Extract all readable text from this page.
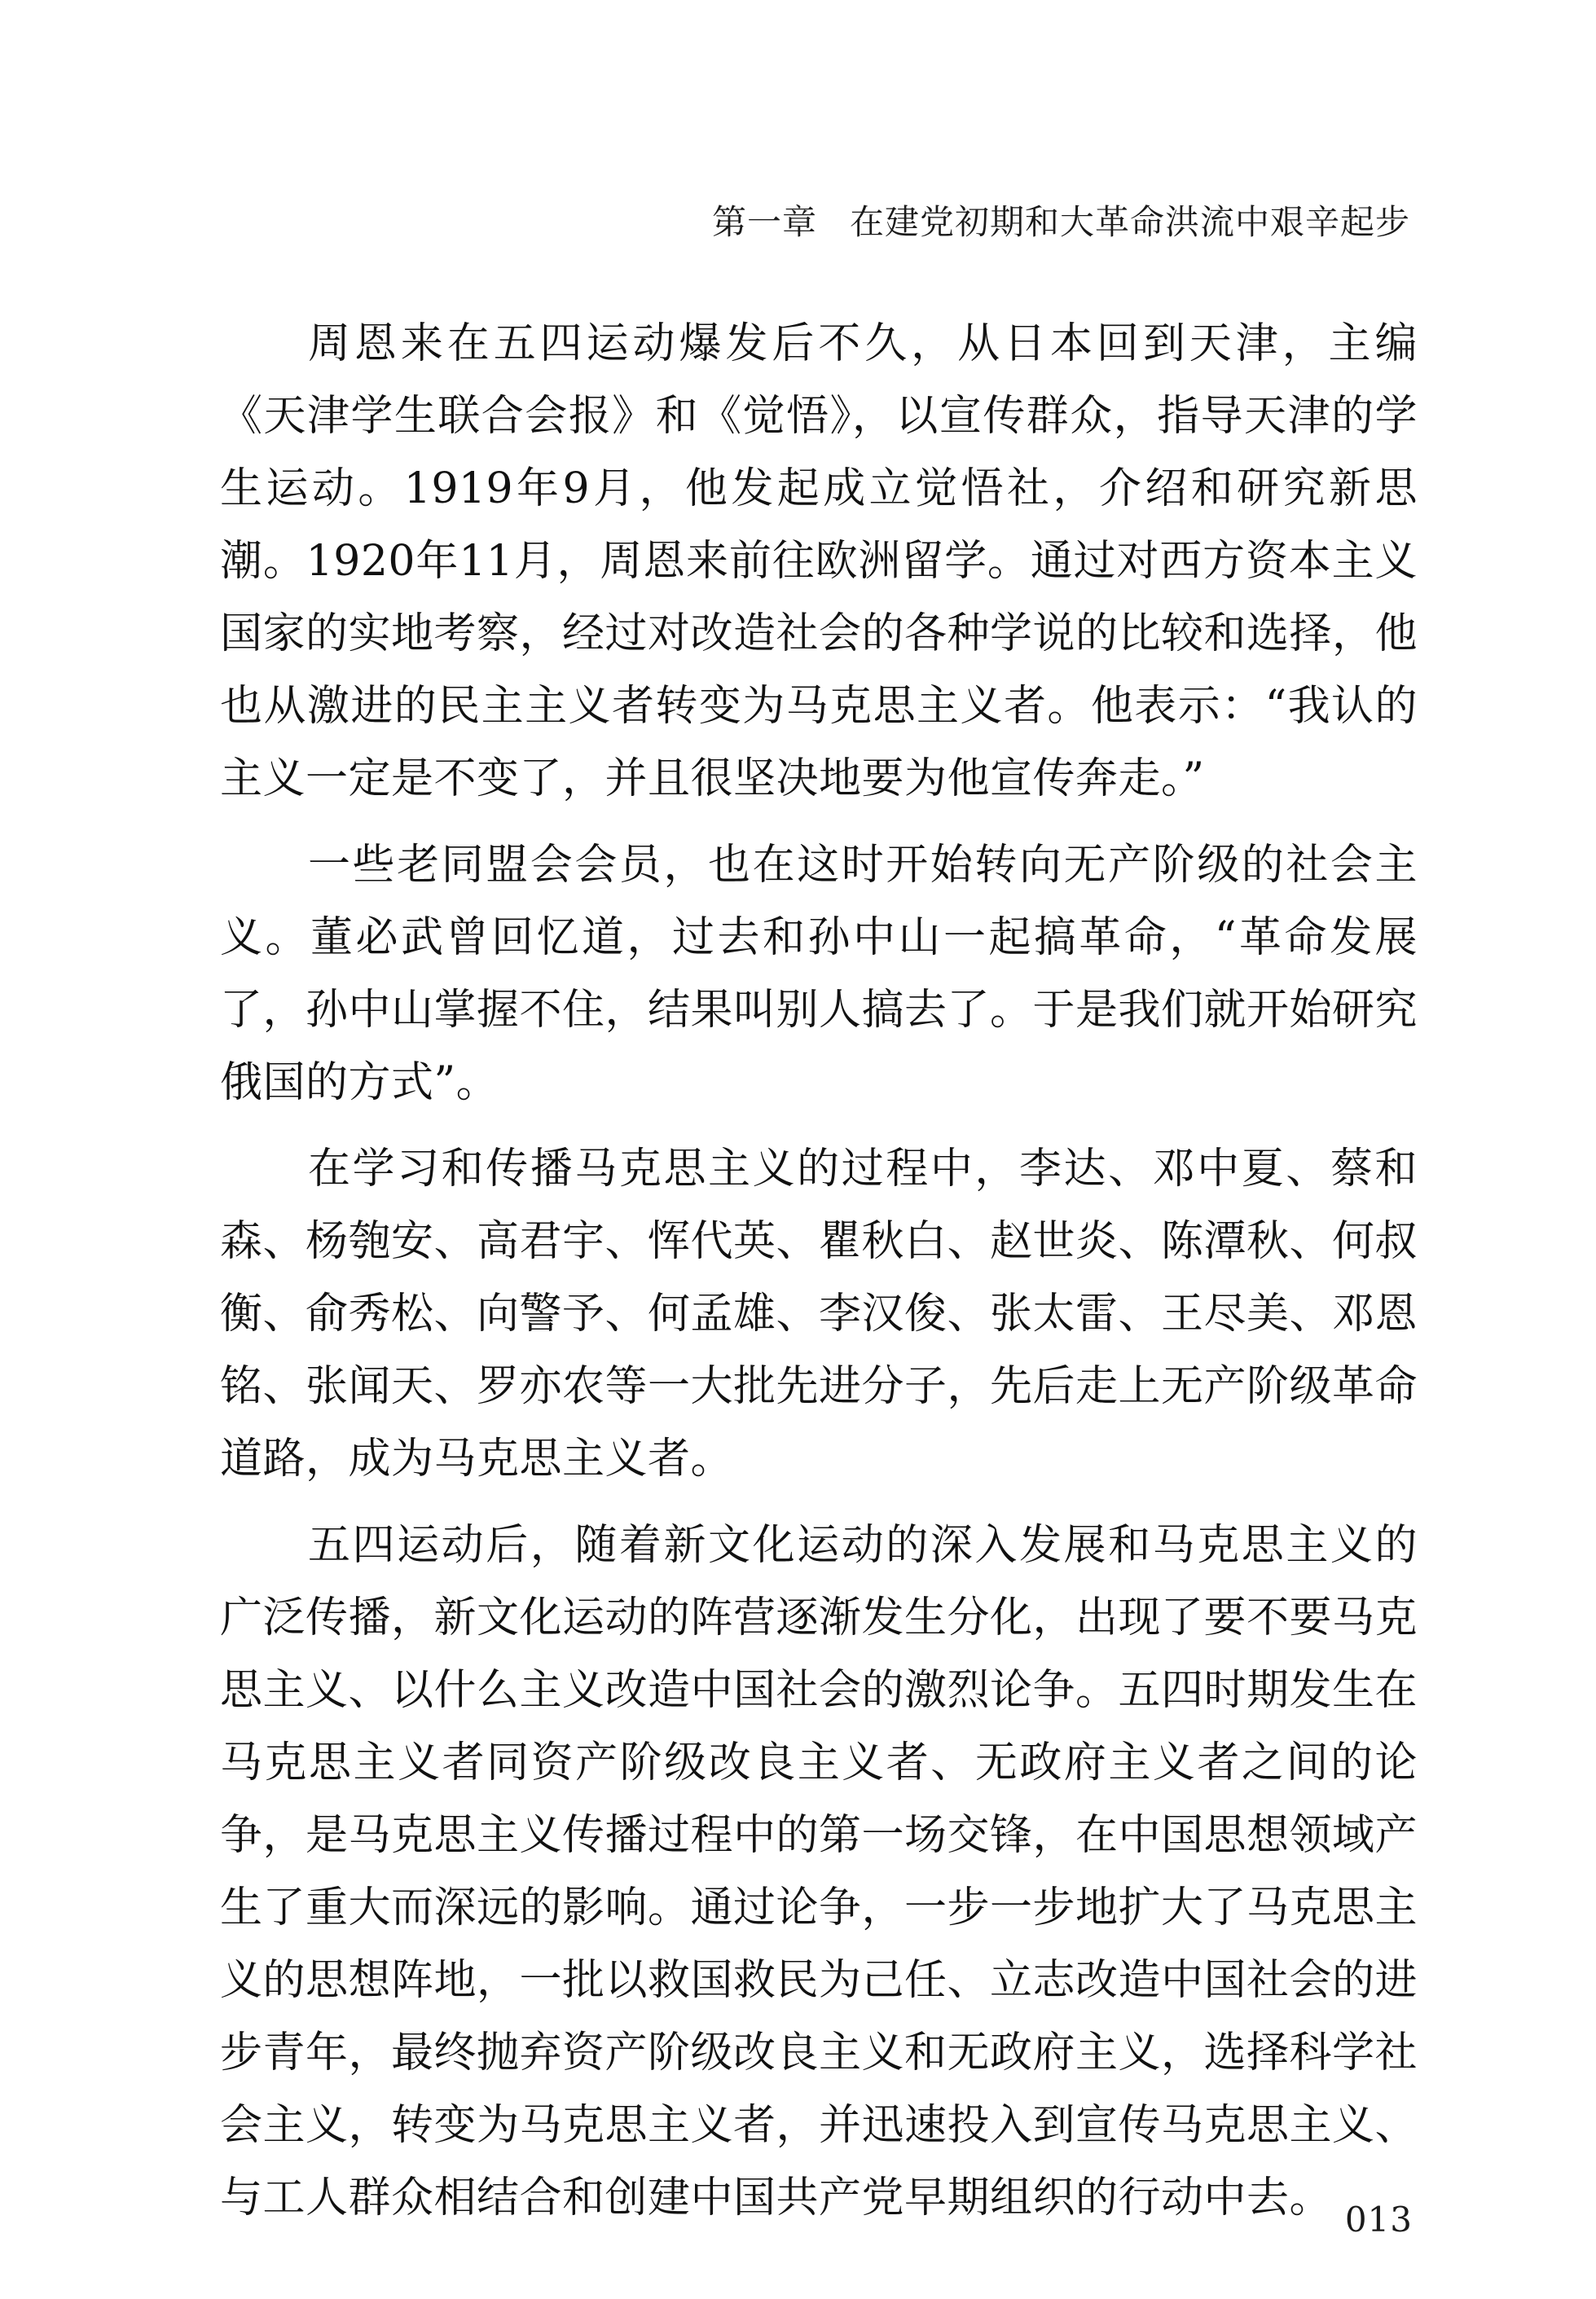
第一章 在建党初期和大革命洪流中艰辛起步

周恩来在五四运动爆发后不久，从日本回到天津，主编《天津学生联合会报》和《觉悟》，以宣传群众，指导天津的学生运动。1919年9月，他发起成立觉悟社，介绍和研究新思潮。1920年11月，周恩来前往欧洲留学。通过对西方资本主义国家的实地考察，经过对改造社会的各种学说的比较和选择，他也从激进的民主主义者转变为马克思主义者。他表示：“我认的主义一定是不变了，并且很坚决地要为他宣传奔走。”

一些老同盟会会员，也在这时开始转向无产阶级的社会主义。董必武曾回忆道，过去和孙中山一起搞革命，“革命发展了，孙中山掌握不住，结果叫别人搞去了。于是我们就开始研究俄国的方式”。

在学习和传播马克思主义的过程中，李达、邓中夏、蔡和森、杨匏安、高君宇、恽代英、瞿秋白、赵世炎、陈潭秋、何叔衡、俞秀松、向警予、何孟雄、李汉俊、张太雷、王尽美、邓恩铭、张闻天、罗亦农等一大批先进分子，先后走上无产阶级革命道路，成为马克思主义者。

五四运动后，随着新文化运动的深入发展和马克思主义的广泛传播，新文化运动的阵营逐渐发生分化，出现了要不要马克思主义、以什么主义改造中国社会的激烈论争。五四时期发生在马克思主义者同资产阶级改良主义者、无政府主义者之间的论争，是马克思主义传播过程中的第一场交锋，在中国思想领域产生了重大而深远的影响。通过论争，一步一步地扩大了马克思主义的思想阵地，一批以救国救民为己任、立志改造中国社会的进步青年，最终抛弃资产阶级改良主义和无政府主义，选择科学社会主义，转变为马克思主义者，并迅速投入到宣传马克思主义、与工人群众相结合和创建中国共产党早期组织的行动中去。 013
